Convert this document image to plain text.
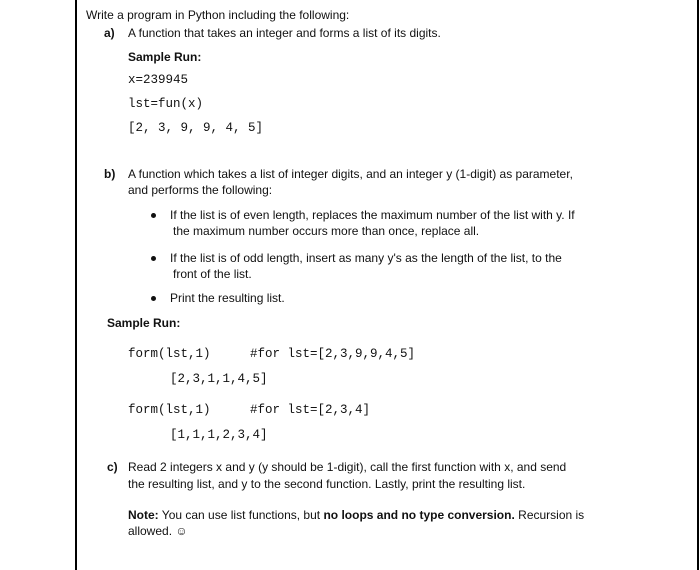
Write a program in Python including the following:
a) A function that takes an integer and forms a list of its digits.
Sample Run:
x=239945
lst=fun(x)
[2, 3, 9, 9, 4, 5]
b) A function which takes a list of integer digits, and an integer y (1-digit) as parameter,
and performs the following:
If the list is of even length, replaces the maximum number of the list with y. If
the maximum number occurs more than once, replace all.
If the list is of odd length, insert as many y's as the length of the list, to the
front of the list.
Print the resulting list.
Sample Run:
form(lst,1)	#for lst=[2,3,9,9,4,5]
[2,3,1,1,4,5]
form(lst,1)	#for lst=[2,3,4]
[1,1,1,2,3,4]
c) Read 2 integers x and y (y should be 1-digit), call the first function with x, and send
the resulting list, and y to the second function. Lastly, print the resulting list.
Note: You can use list functions, but no loops and no type conversion. Recursion is
allowed. ☺
